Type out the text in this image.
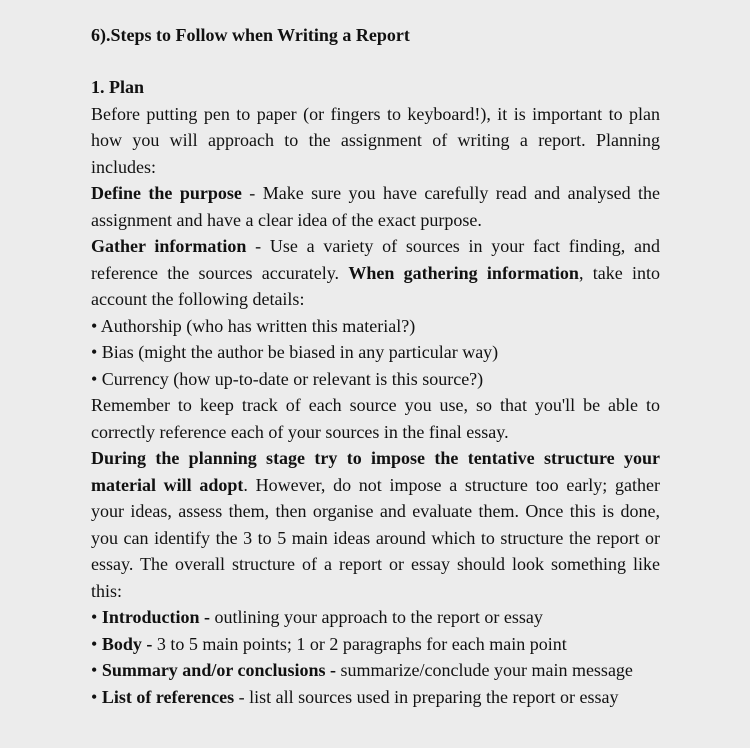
6).Steps to Follow when Writing a Report
1. Plan

Before putting pen to paper (or fingers to keyboard!), it is important to plan how you will approach to the assignment of writing a report. Planning includes:

Define the purpose - Make sure you have carefully read and analysed the assignment and have a clear idea of the exact purpose.

Gather information - Use a variety of sources in your fact finding, and reference the sources accurately. When gathering information, take into account the following details:

• Authorship (who has written this material?)

• Bias (might the author be biased in any particular way)

• Currency (how up-to-date or relevant is this source?)

Remember to keep track of each source you use, so that you'll be able to correctly reference each of your sources in the final essay.

During the planning stage try to impose the tentative structure your material will adopt. However, do not impose a structure too early; gather your ideas, assess them, then organise and evaluate them. Once this is done, you can identify the 3 to 5 main ideas around which to structure the report or essay. The overall structure of a report or essay should look something like this:

• Introduction - outlining your approach to the report or essay

• Body - 3 to 5 main points; 1 or 2 paragraphs for each main point

• Summary and/or conclusions - summarize/conclude your main message

• List of references - list all sources used in preparing the report or essay
